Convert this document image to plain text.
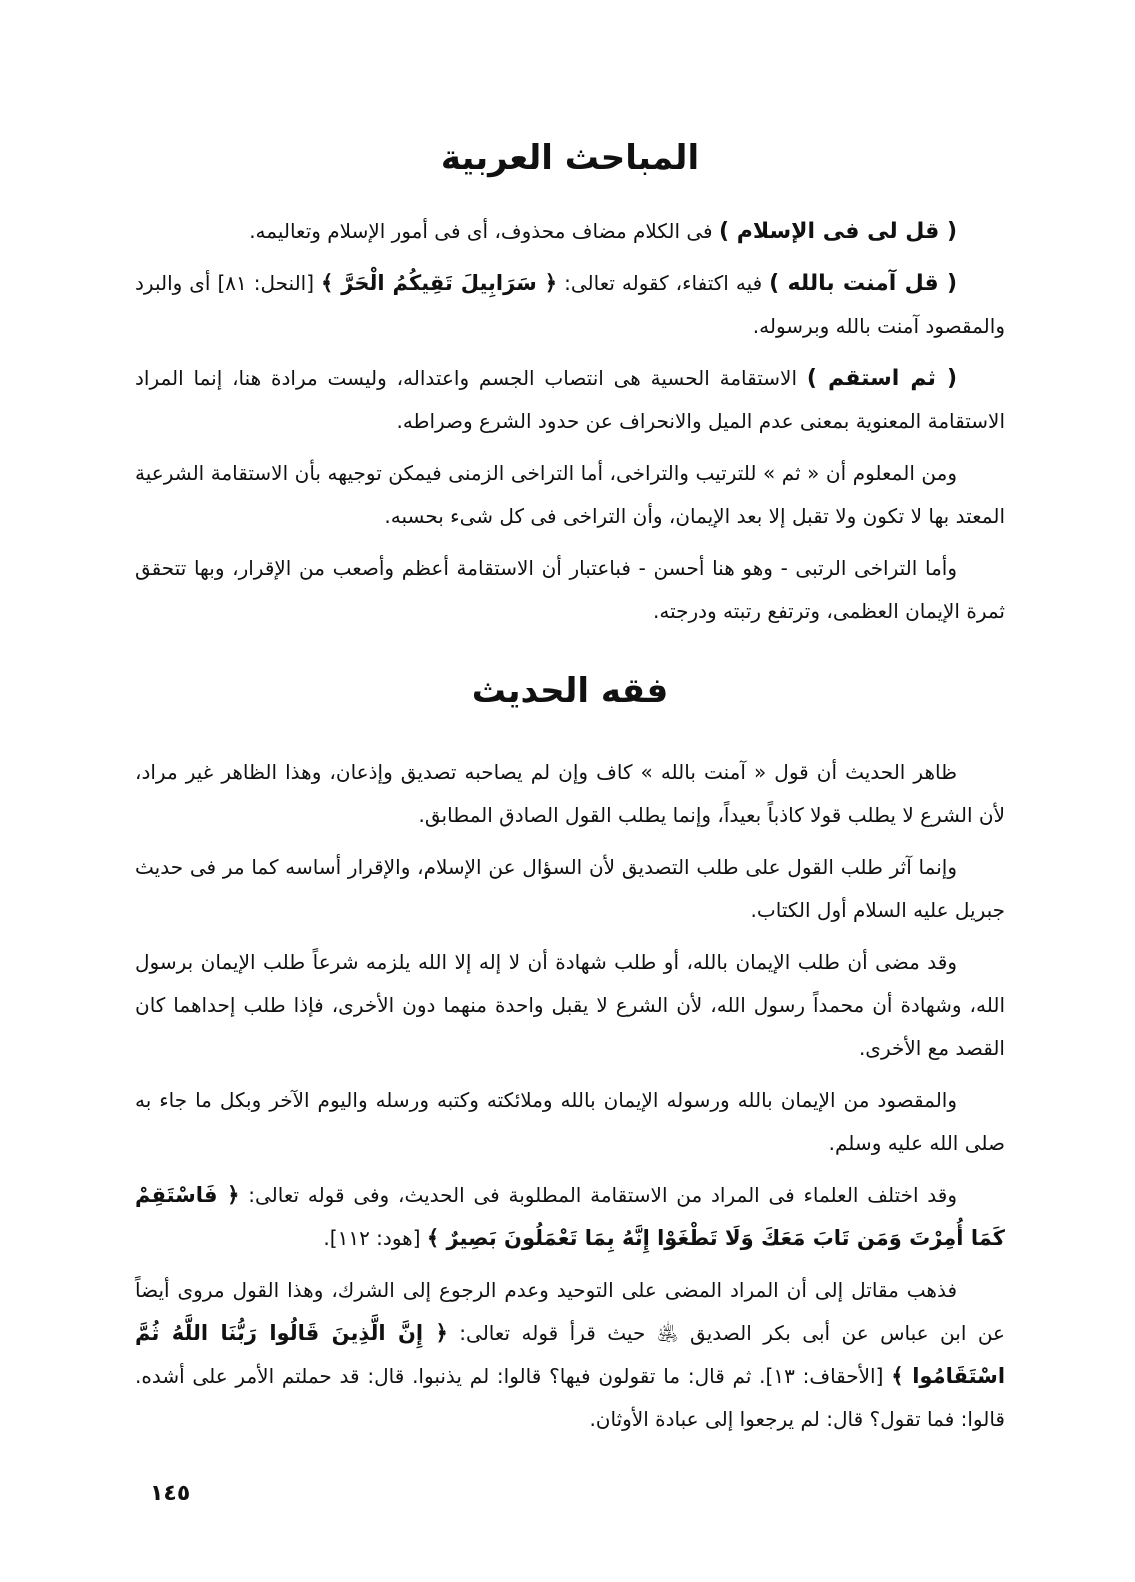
المباحث العربية

( قل لى فى الإسلام ) فى الكلام مضاف محذوف، أى فى أمور الإسلام وتعاليمه.

( قل آمنت بالله ) فيه اكتفاء، كقوله تعالى: ﴿ سَرَابِيلَ تَقِيكُمُ الْحَرَّ ﴾ [النحل: ٨١] أى والبرد والمقصود آمنت بالله وبرسوله.

( ثم استقم ) الاستقامة الحسية هى انتصاب الجسم واعتداله، وليست مرادة هنا، إنما المراد الاستقامة المعنوية بمعنى عدم الميل والانحراف عن حدود الشرع وصراطه.

ومن المعلوم أن « ثم » للترتيب والتراخى، أما التراخى الزمنى فيمكن توجيهه بأن الاستقامة الشرعية المعتد بها لا تكون ولا تقبل إلا بعد الإيمان، وأن التراخى فى كل شىء بحسبه.

وأما التراخى الرتبى - وهو هنا أحسن - فباعتبار أن الاستقامة أعظم وأصعب من الإقرار، وبها تتحقق ثمرة الإيمان العظمى، وترتفع رتبته ودرجته.

فقه الحديث

ظاهر الحديث أن قول « آمنت بالله » كاف وإن لم يصاحبه تصديق وإذعان، وهذا الظاهر غير مراد، لأن الشرع لا يطلب قولا كاذباً بعيداً، وإنما يطلب القول الصادق المطابق.

وإنما آثر طلب القول على طلب التصديق لأن السؤال عن الإسلام، والإقرار أساسه كما مر فى حديث جبريل عليه السلام أول الكتاب.

وقد مضى أن طلب الإيمان بالله، أو طلب شهادة أن لا إله إلا الله يلزمه شرعاً طلب الإيمان برسول الله، وشهادة أن محمداً رسول الله، لأن الشرع لا يقبل واحدة منهما دون الأخرى، فإذا طلب إحداهما كان القصد مع الأخرى.

والمقصود من الإيمان بالله ورسوله الإيمان بالله وملائكته وكتبه ورسله واليوم الآخر وبكل ما جاء به صلى الله عليه وسلم.

وقد اختلف العلماء فى المراد من الاستقامة المطلوبة فى الحديث، وفى قوله تعالى: ﴿ فَاسْتَقِمْ كَمَا أُمِرْتَ وَمَن تَابَ مَعَكَ وَلَا تَطْغَوْا إِنَّهُ بِمَا تَعْمَلُونَ بَصِيرٌ ﴾ [هود: ١١٢].

فذهب مقاتل إلى أن المراد المضى على التوحيد وعدم الرجوع إلى الشرك، وهذا القول مروى أيضاً عن ابن عباس عن أبى بكر الصديق ﵁ حيث قرأ قوله تعالى: ﴿ إِنَّ الَّذِينَ قَالُوا رَبُّنَا اللَّهُ ثُمَّ اسْتَقَامُوا ﴾ [الأحقاف: ١٣]. ثم قال: ما تقولون فيها؟ قالوا: لم يذنبوا. قال: قد حملتم الأمر على أشده. قالوا: فما تقول؟ قال: لم يرجعوا إلى عبادة الأوثان.

١٤٥
